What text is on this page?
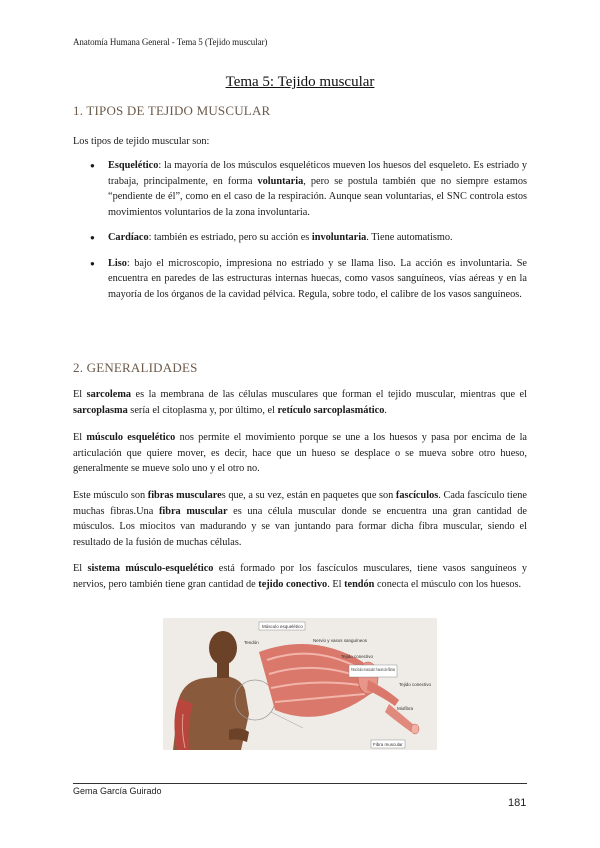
Anatomía Humana General - Tema 5 (Tejido muscular)
Tema 5: Tejido muscular
1. TIPOS DE TEJIDO MUSCULAR

Los tipos de tejido muscular son:

● Esquelético: la mayoría de los músculos esqueléticos mueven los huesos del esqueleto. Es estriado y trabaja, principalmente, en forma voluntaria, pero se postula también que no siempre estamos “pendiente de él”, como en el caso de la respiración. Aunque sean voluntarias, el SNC controla estos movimientos voluntarios de la zona involuntaria.
● Cardíaco: también es estriado, pero su acción es involuntaria. Tiene automatismo.
● Liso: bajo el microscopio, impresiona no estriado y se llama liso. La acción es involuntaria. Se encuentra en paredes de las estructuras internas huecas, como vasos sanguíneos, vías aéreas y en la mayoría de los órganos de la cavidad pélvica. Regula, sobre todo, el calibre de los vasos sanguíneos.
2. GENERALIDADES

El sarcolema es la membrana de las células musculares que forman el tejido muscular, mientras que el sarcoplasma sería el citoplasma y, por último, el retículo sarcoplasmático.

El músculo esquelético nos permite el movimiento porque se une a los huesos y pasa por encima de la articulación que quiere mover, es decir, hace que un hueso se desplace o se mueva sobre otro hueso, generalmente se mueve solo uno y el otro no.

Este músculo son fibras musculares que, a su vez, están en paquetes que son fascículos. Cada fascículo tiene muchas fibras.Una fibra muscular es una célula muscular donde se encuentra una gran cantidad de músculos. Los miocitos van madurando y se van juntando para formar dicha fibra muscular, siendo el resultado de la fusión de muchas células.

El sistema músculo-esquelético está formado por los fascículos musculares, tiene vasos sanguíneos y nervios, pero también tiene gran cantidad de tejido conectivo. El tendón conecta el músculo con los huesos.

Músculo esquelético
Tendón	Nervio y vasos sanguíneos
Tejido conectivo
Fascículo muscular: haces de fibras
Tejido conectivo
Miofibra
Fibra muscular
Gema García Guirado
181
